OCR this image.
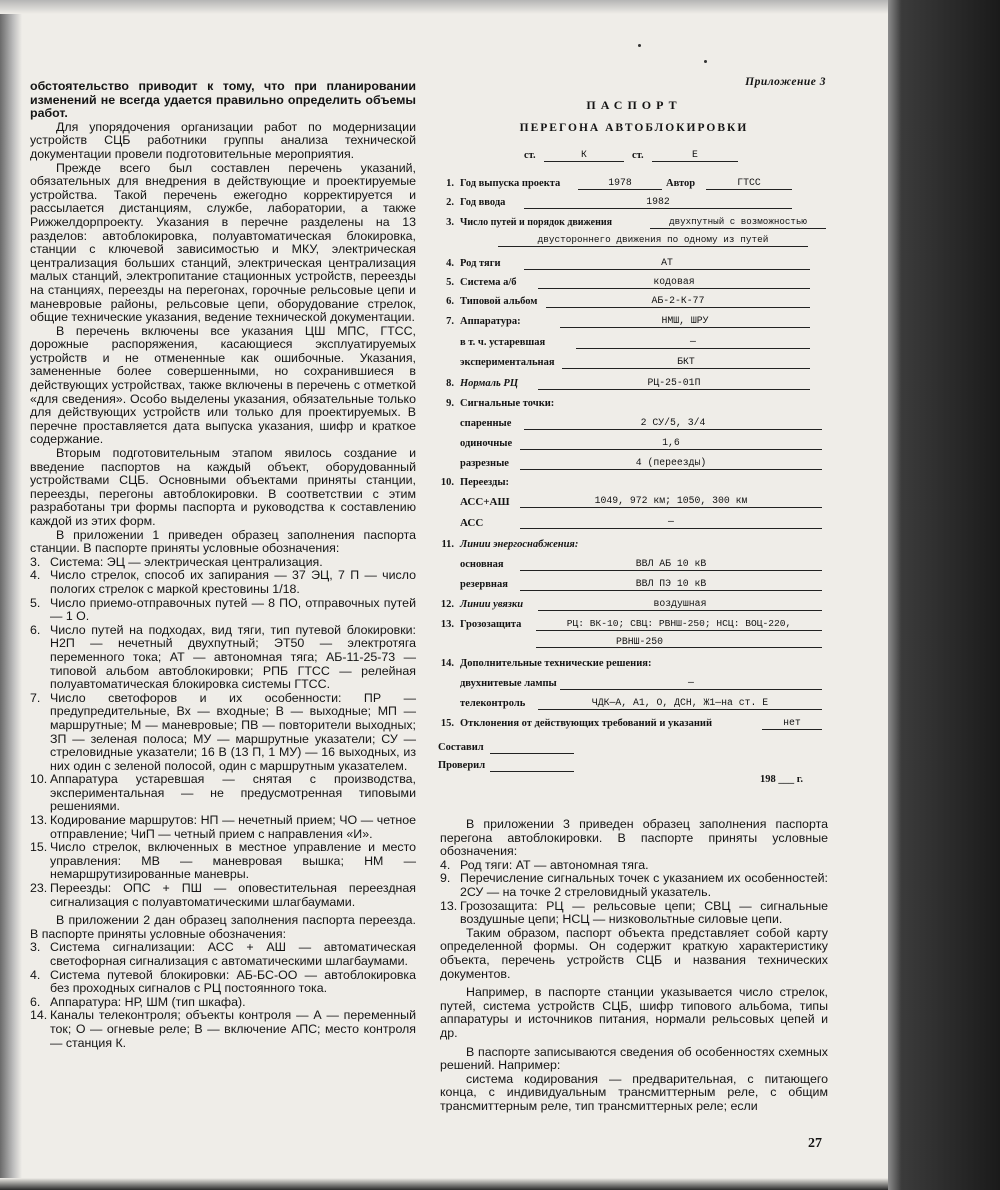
обстоятельство приводит к тому, что при планировании изменений не всегда удается правильно определить объемы работ.

Для упорядочения организации работ по модернизации устройств СЦБ работники группы анализа технической документации провели подготовительные мероприятия.

Прежде всего был составлен перечень указаний, обязательных для внедрения в действующие и проектируемые устройства. Такой перечень ежегодно корректируется и рассылается дистанциям, службе, лаборатории, а также Рижжелдорпроекту. Указания в перечне разделены на 13 разделов: автоблокировка, полуавтоматическая блокировка, станции с ключевой зависимостью и МКУ, электрическая централизация больших станций, электрическая централизация малых станций, электропитание стационных устройств, переезды на станциях, переезды на перегонах, горочные рельсовые цепи и маневровые районы, рельсовые цепи, оборудование стрелок, общие технические указания, ведение технической документации.

В перечень включены все указания ЦШ МПС, ГТСС, дорожные распоряжения, касающиеся эксплуатируемых устройств и не отмененные как ошибочные. Указания, замененные более совершенными, но сохранившиеся в действующих устройствах, также включены в перечень с отметкой «для сведения». Особо выделены указания, обязательные только для действующих устройств или только для проектируемых. В перечне проставляется дата выпуска указания, шифр и краткое содержание.

Вторым подготовительным этапом явилось создание и введение паспортов на каждый объект, оборудованный устройствами СЦБ. Основными объектами приняты станции, переезды, перегоны автоблокировки. В соответствии с этим разработаны три формы паспорта и руководства к составлению каждой из этих форм.

В приложении 1 приведен образец заполнения паспорта станции. В паспорте приняты условные обозначения:

3. Система: ЭЦ — электрическая централизация.

4. Число стрелок, способ их запирания — 37 ЭЦ, 7 П — число пологих стрелок с маркой крестовины 1/18.

5. Число приемо-отправочных путей — 8 ПО, отправочных путей — 1 О.

6. Число путей на подходах, вид тяги, тип путевой блокировки: Н2П — нечетный двухпутный; ЭТ50 — электротяга переменного тока; АТ — автономная тяга; АБ-11-25-73 — типовой альбом автоблокировки; РПБ ГТСС — релейная полуавтоматическая блокировка системы ГТСС.

7. Число светофоров и их особенности: ПР — предупредительные, Вх — входные; В — выходные; МП — маршрутные; М — маневровые; ПВ — повторители выходных; ЗП — зеленая полоса; МУ — маршрутные указатели; СУ — стреловидные указатели; 16 В (13 П, 1 МУ) — 16 выходных, из них один с зеленой полосой, один с маршрутным указателем.

10. Аппаратура устаревшая — снятая с производства, экспериментальная — не предусмотренная типовыми решениями.

13. Кодирование маршрутов: НП — нечетный прием; ЧО — четное отправление; ЧиП — четный прием с направления «И».

15. Число стрелок, включенных в местное управление и место управления: МВ — маневровая вышка; НМ — немаршрутизированные маневры.

23. Переезды: ОПС + ПШ — оповестительная переездная сигнализация с полуавтоматическими шлагбаумами.

В приложении 2 дан образец заполнения паспорта переезда. В паспорте приняты условные обозначения:

3. Система сигнализации: АСС + АШ — автоматическая светофорная сигнализация с автоматическими шлагбаумами.

4. Система путевой блокировки: АБ-БС-ОО — автоблокировка без проходных сигналов с РЦ постоянного тока.

6. Аппаратура: НР, ШМ (тип шкафа).

14. Каналы телеконтроля; объекты контроля — А — переменный ток; О — огневые реле; В — включение АПС; место контроля — станция К.

Приложение 3
ПАСПОРТ
ПЕРЕГОНА АВТОБЛОКИРОВКИ
ст.	К	ст.	Е
1. Год выпуска проекта	1978	Автор	ГТСС
2. Год ввода	1982
3. Число путей и порядок движения	двухпутный с возможностью
двустороннего движения по одному из путей
4. Род тяги	АТ
5. Система а/б	кодовая
6. Типовой альбом	АБ-2-К-77
7. Аппаратура:	НМШ, ШРУ
в т. ч. устаревшая	—
экспериментальная	БКТ
8. Нормаль РЦ	РЦ-25-01П
9. Сигнальные точки:
спаренные	2 СУ/5, 3/4
одиночные	1,6
разрезные	4 (переезды)
10. Переезды:
АСС+АШ	1049, 972 км; 1050, 300 км
АСС	—
11. Линии энергоснабжения:
основная	ВВЛ АБ 10 кВ
резервная	ВВЛ ПЭ 10 кВ
12. Линии увязки	воздушная
13. Грозозащита	РЦ: ВК-10; СВЦ: РВНШ-250; НСЦ: ВОЦ-220,
РВНШ-250
14. Дополнительные технические решения:
двухнитевые лампы	—
телеконтроль	ЧДК—А, А1, О, ДСН, Ж1—на ст. Е
15. Отклонения от действующих требований и указаний	нет
Составил
Проверил
198 ___ г.

В приложении 3 приведен образец заполнения паспорта перегона автоблокировки. В паспорте приняты условные обозначения:

4. Род тяги: АТ — автономная тяга.

9. Перечисление сигнальных точек с указанием их особенностей: 2СУ — на точке 2 стреловидный указатель.

13. Грозозащита: РЦ — рельсовые цепи; СВЦ — сигнальные воздушные цепи; НСЦ — низковольтные силовые цепи.

Таким образом, паспорт объекта представляет собой карту определенной формы. Он содержит краткую характеристику объекта, перечень устройств СЦБ и названия технических документов.

Например, в паспорте станции указывается число стрелок, путей, система устройств СЦБ, шифр типового альбома, типы аппаратуры и источников питания, нормали рельсовых цепей и др.

В паспорте записываются сведения об особенностях схемных решений. Например:

система кодирования — предварительная, с питающего конца, с индивидуальным трансмиттерным реле, с общим трансмиттерным реле, тип трансмиттерных реле; если

27
